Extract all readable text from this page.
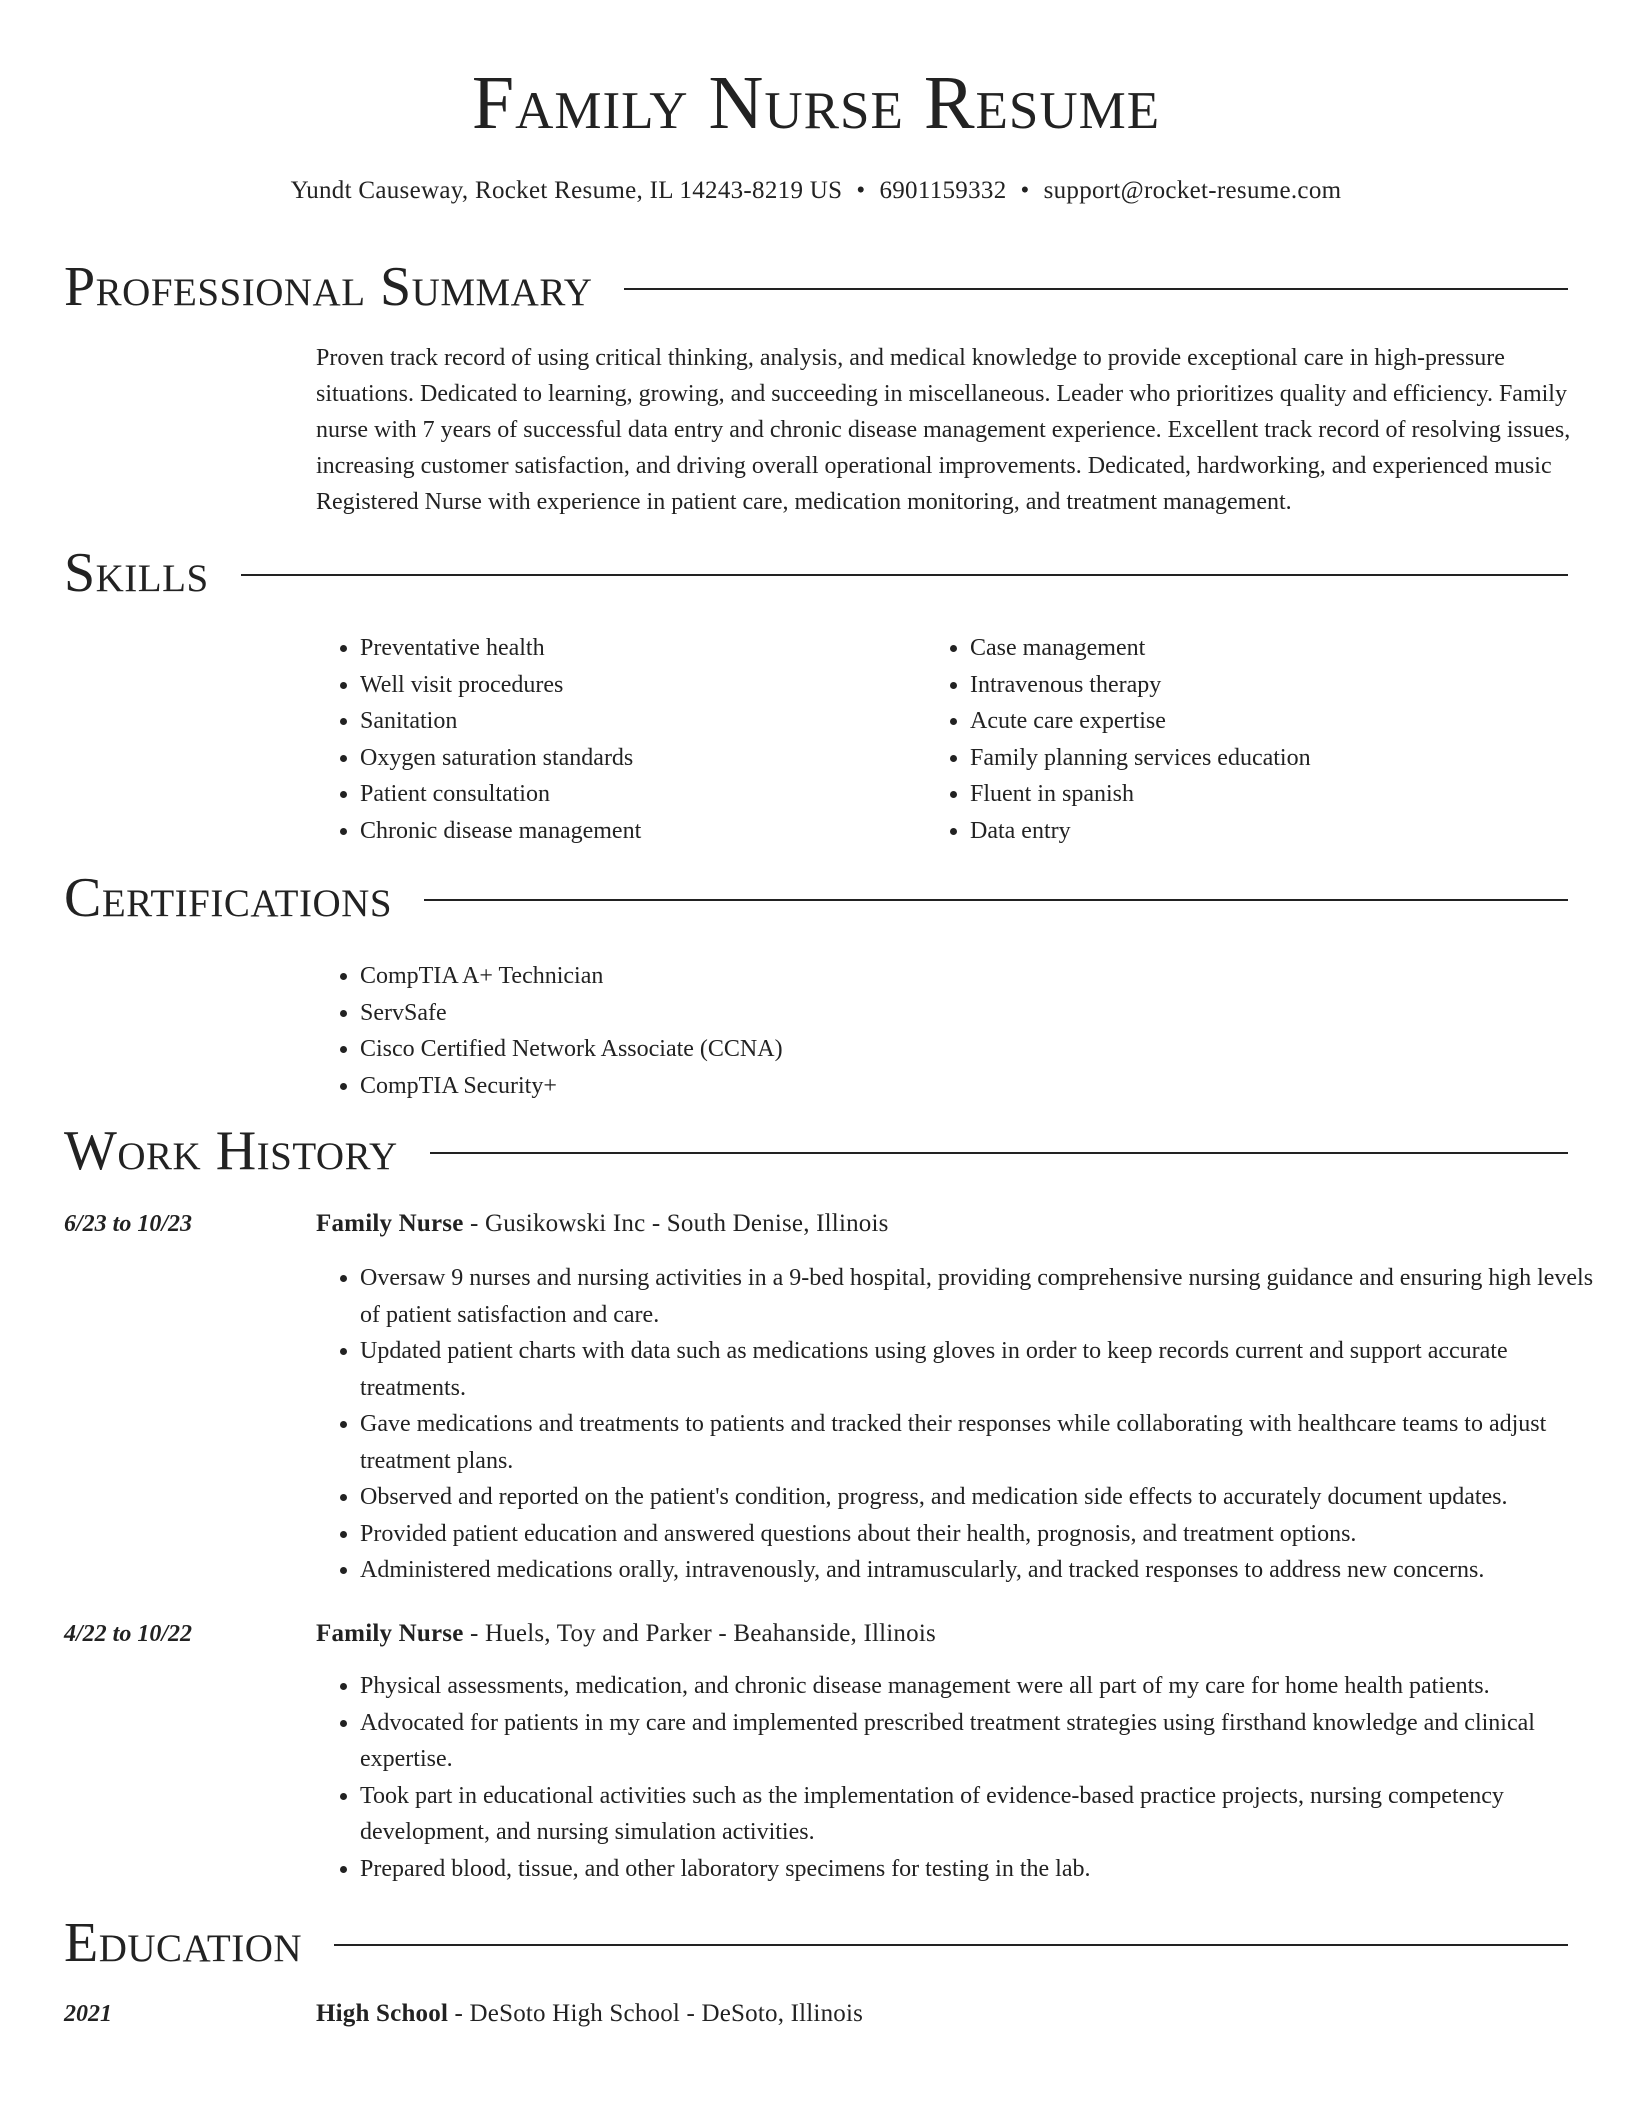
Family Nurse Resume
Yundt Causeway, Rocket Resume, IL 14243-8219 US • 6901159332 • support@rocket-resume.com
Professional Summary

Proven track record of using critical thinking, analysis, and medical knowledge to provide exceptional care in high-pressure situations. Dedicated to learning, growing, and succeeding in miscellaneous. Leader who prioritizes quality and efficiency. Family nurse with 7 years of successful data entry and chronic disease management experience. Excellent track record of resolving issues, increasing customer satisfaction, and driving overall operational improvements. Dedicated, hardworking, and experienced music Registered Nurse with experience in patient care, medication monitoring, and treatment management.

Skills
• Preventative health
• Well visit procedures
• Sanitation
• Oxygen saturation standards
• Patient consultation
• Chronic disease management
• Case management
• Intravenous therapy
• Acute care expertise
• Family planning services education
• Fluent in spanish
• Data entry
Certifications
• CompTIA A+ Technician
• ServSafe
• Cisco Certified Network Associate (CCNA)
• CompTIA Security+
Work History
6/23 to 10/23	Family Nurse - Gusikowski Inc - South Denise, Illinois
• Oversaw 9 nurses and nursing activities in a 9-bed hospital, providing comprehensive nursing guidance and ensuring high levels of patient satisfaction and care.
• Updated patient charts with data such as medications using gloves in order to keep records current and support accurate treatments.
• Gave medications and treatments to patients and tracked their responses while collaborating with healthcare teams to adjust treatment plans.
• Observed and reported on the patient's condition, progress, and medication side effects to accurately document updates.
• Provided patient education and answered questions about their health, prognosis, and treatment options.
• Administered medications orally, intravenously, and intramuscularly, and tracked responses to address new concerns.
4/22 to 10/22	Family Nurse - Huels, Toy and Parker - Beahanside, Illinois
• Physical assessments, medication, and chronic disease management were all part of my care for home health patients.
• Advocated for patients in my care and implemented prescribed treatment strategies using firsthand knowledge and clinical expertise.
• Took part in educational activities such as the implementation of evidence-based practice projects, nursing competency development, and nursing simulation activities.
• Prepared blood, tissue, and other laboratory specimens for testing in the lab.
Education
2021	High School - DeSoto High School - DeSoto, Illinois
